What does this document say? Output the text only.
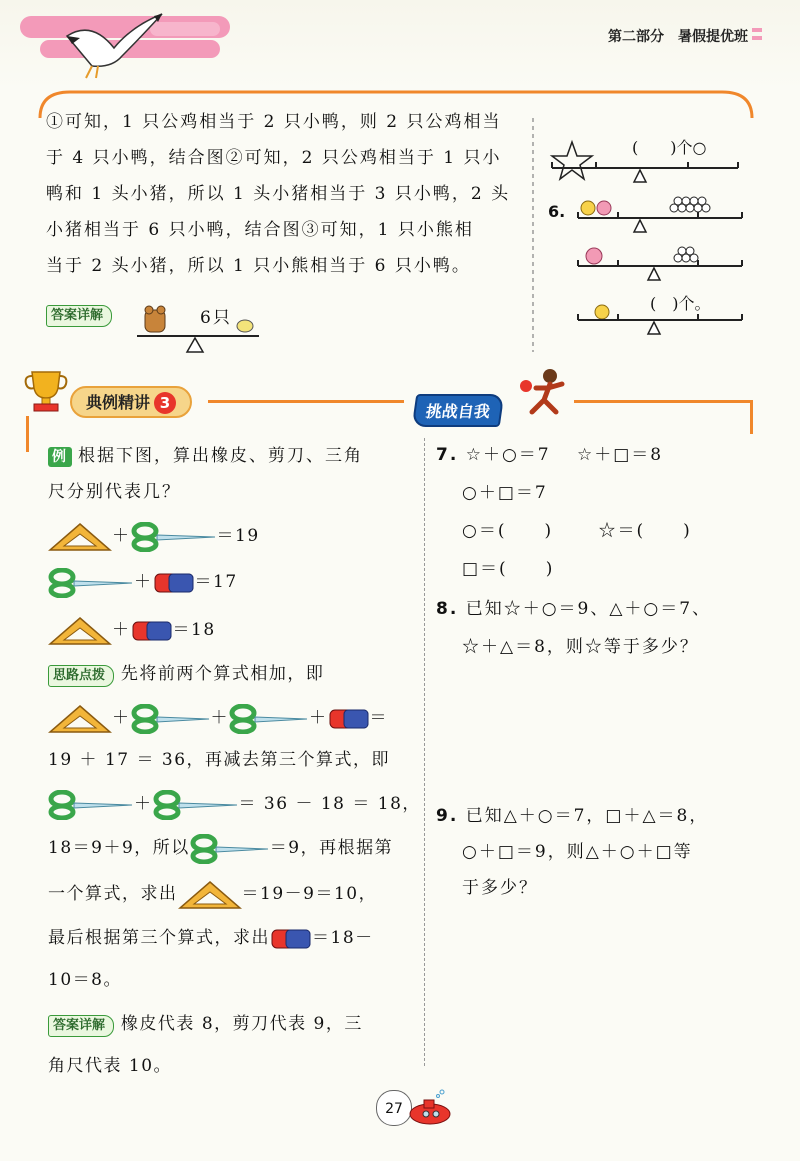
第二部分　暑假提优班
①可知，1 只公鸡相当于 2 只小鸭，则 2 只公鸡相当
于 4 只小鸭，结合图②可知，2 只公鸡相当于 1 只小
鸭和 1 头小猪，所以 1 头小猪相当于 3 只小鸭，2 头
小猪相当于 6 只小鸭，结合图③可知，1 只小熊相
当于 2 头小猪，所以 1 只小熊相当于 6 只小鸭。
答案详解	6只
(　　)个○
6.
(　)个。
典例精讲 3	挑战自我
例 根据下图，算出橡皮、剪刀、三角
尺分别代表几？
＋	＝19
＋ ＝17
＋ ＝18
思路点拨 先将前两个算式相加，即
＋	＋	＋ ＝
19 ＋ 17 ＝ 36，再减去第三个算式，即
＋	＝ 36 － 18 ＝ 18，
18＝9＋9，所以	＝9，再根据第
一个算式，求出	＝19－9＝10，
最后根据第三个算式，求出 ＝18－
10＝8。
答案详解 橡皮代表 8，剪刀代表 9，三
角尺代表 10。
7. ☆＋○＝7　 ☆＋□＝8
○＋□＝7
○＝(　　)　　 ☆＝(　　)
□＝(　　)
8. 已知☆＋○＝9、△＋○＝7、
☆＋△＝8，则☆等于多少？
9. 已知△＋○＝7，□＋△＝8，
○＋□＝9，则△＋○＋□等
于多少？
27
